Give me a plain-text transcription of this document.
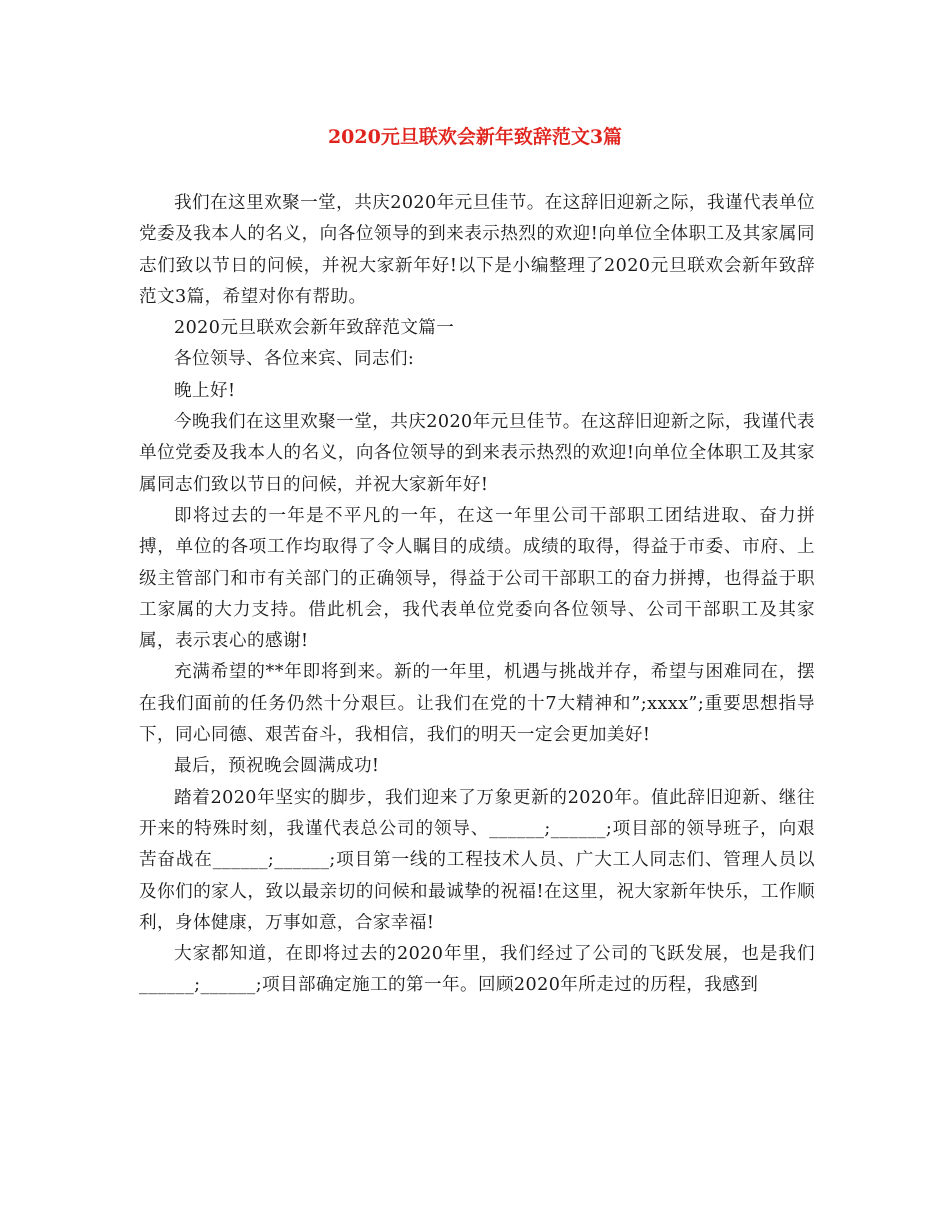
2020元旦联欢会新年致辞范文3篇

我们在这里欢聚一堂，共庆2020年元旦佳节。在这辞旧迎新之际，我谨代表单位党委及我本人的名义，向各位领导的到来表示热烈的欢迎!向单位全体职工及其家属同志们致以节日的问候，并祝大家新年好!以下是小编整理了2020元旦联欢会新年致辞范文3篇，希望对你有帮助。

2020元旦联欢会新年致辞范文篇一

各位领导、各位来宾、同志们:

晚上好!

今晚我们在这里欢聚一堂，共庆2020年元旦佳节。在这辞旧迎新之际，我谨代表单位党委及我本人的名义，向各位领导的到来表示热烈的欢迎!向单位全体职工及其家属同志们致以节日的问候，并祝大家新年好!

即将过去的一年是不平凡的一年，在这一年里公司干部职工团结进取、奋力拼搏，单位的各项工作均取得了令人瞩目的成绩。成绩的取得，得益于市委、市府、上级主管部门和市有关部门的正确领导，得益于公司干部职工的奋力拼搏，也得益于职工家属的大力支持。借此机会，我代表单位党委向各位领导、公司干部职工及其家属，表示衷心的感谢!

充满希望的**年即将到来。新的一年里，机遇与挑战并存，希望与困难同在，摆在我们面前的任务仍然十分艰巨。让我们在党的十7大精神和”;xxxx”;重要思想指导下，同心同德、艰苦奋斗，我相信，我们的明天一定会更加美好!

最后，预祝晚会圆满成功!

踏着2020年坚实的脚步，我们迎来了万象更新的2020年。值此辞旧迎新、继往开来的特殊时刻，我谨代表总公司的领导、______;______;项目部的领导班子，向艰苦奋战在______;______;项目第一线的工程技术人员、广大工人同志们、管理人员以及你们的家人，致以最亲切的问候和最诚挚的祝福!在这里，祝大家新年快乐，工作顺利，身体健康，万事如意，合家幸福!

大家都知道，在即将过去的2020年里，我们经过了公司的飞跃发展，也是我们______;______;项目部确定施工的第一年。回顾2020年所走过的历程，我感到
